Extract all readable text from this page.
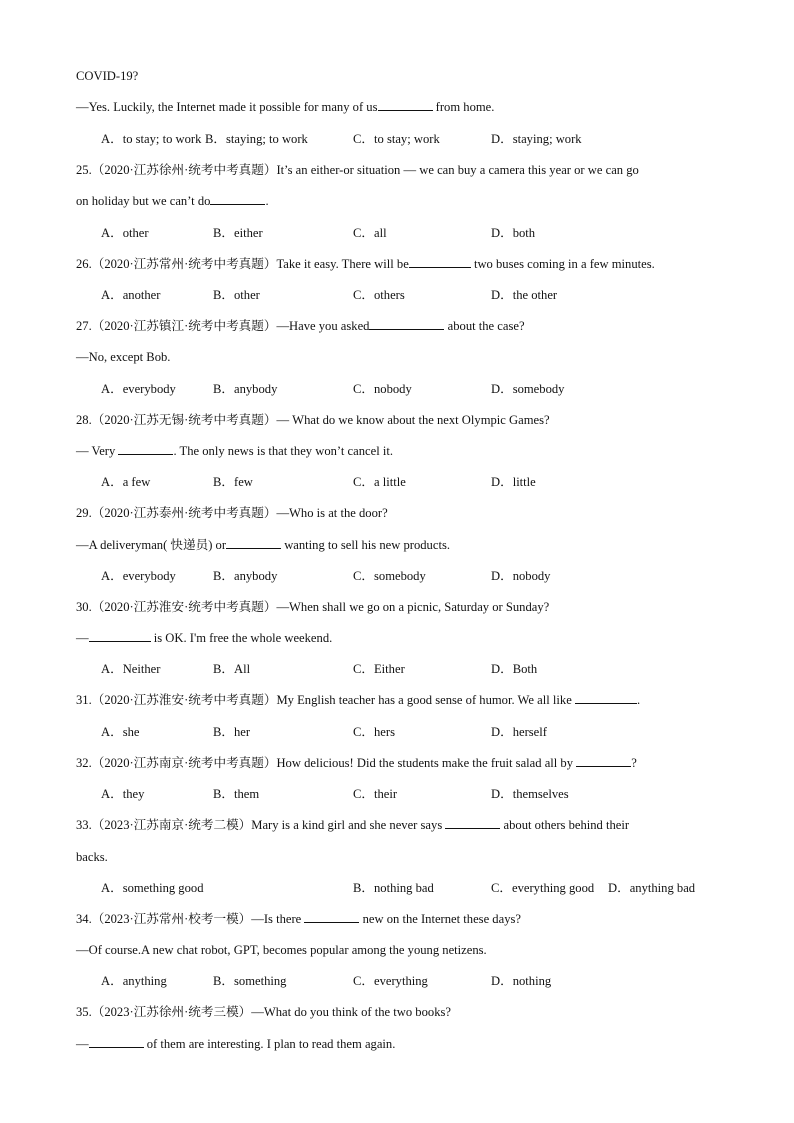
COVID-19?
—Yes. Luckily, the Internet made it possible for many of us	from home.
A．to stay; to work B．staying; to work	C．to stay; work	D．staying; work
25.（2020·江苏徐州·统考中考真题）It’s an either-or situation — we can buy a camera this year or we can go
on holiday but we can’t do	.
A．other	B．either	C．all	D．both
26.（2020·江苏常州·统考中考真题）Take it easy. There will be	two buses coming in a few minutes.
A．another	B．other	C．others	D．the other
27.（2020·江苏镇江·统考中考真题）—Have you asked	about the case?
—No, except Bob.
A．everybody	B．anybody	C．nobody	D．somebody
28.（2020·江苏无锡·统考中考真题）— What do we know about the next Olympic Games?
— Very	. The only news is that they won’t cancel it.
A．a few	B．few	C．a little	D．little
29.（2020·江苏泰州·统考中考真题）—Who is at the door?
—A deliveryman( 快递员) or	wanting to sell his new products.
A．everybody	B．anybody	C．somebody	D．nobody
30.（2020·江苏淮安·统考中考真题）—When shall we go on a picnic, Saturday or Sunday?
—	is OK. I'm free the whole weekend.
A．Neither	B．All	C．Either	D．Both
31.（2020·江苏淮安·统考中考真题）My English teacher has a good sense of humor. We all like	.
A．she	B．her	C．hers	D．herself
32.（2020·江苏南京·统考中考真题）How delicious! Did the students make the fruit salad all by	?
A．they	B．them	C．their	D．themselves
33.（2023·江苏南京·统考二模）Mary is a kind girl and she never says	about others behind their
backs.
A．something good	B．nothing bad	C．everything good D．anything bad
34.（2023·江苏常州·校考一模）—Is there	new on the Internet these days?
—Of course.A new chat robot, GPT, becomes popular among the young netizens.
A．anything	B．something	C．everything	D．nothing
35.（2023·江苏徐州·统考三模）—What do you think of the two books?
—	of them are interesting. I plan to read them again.
